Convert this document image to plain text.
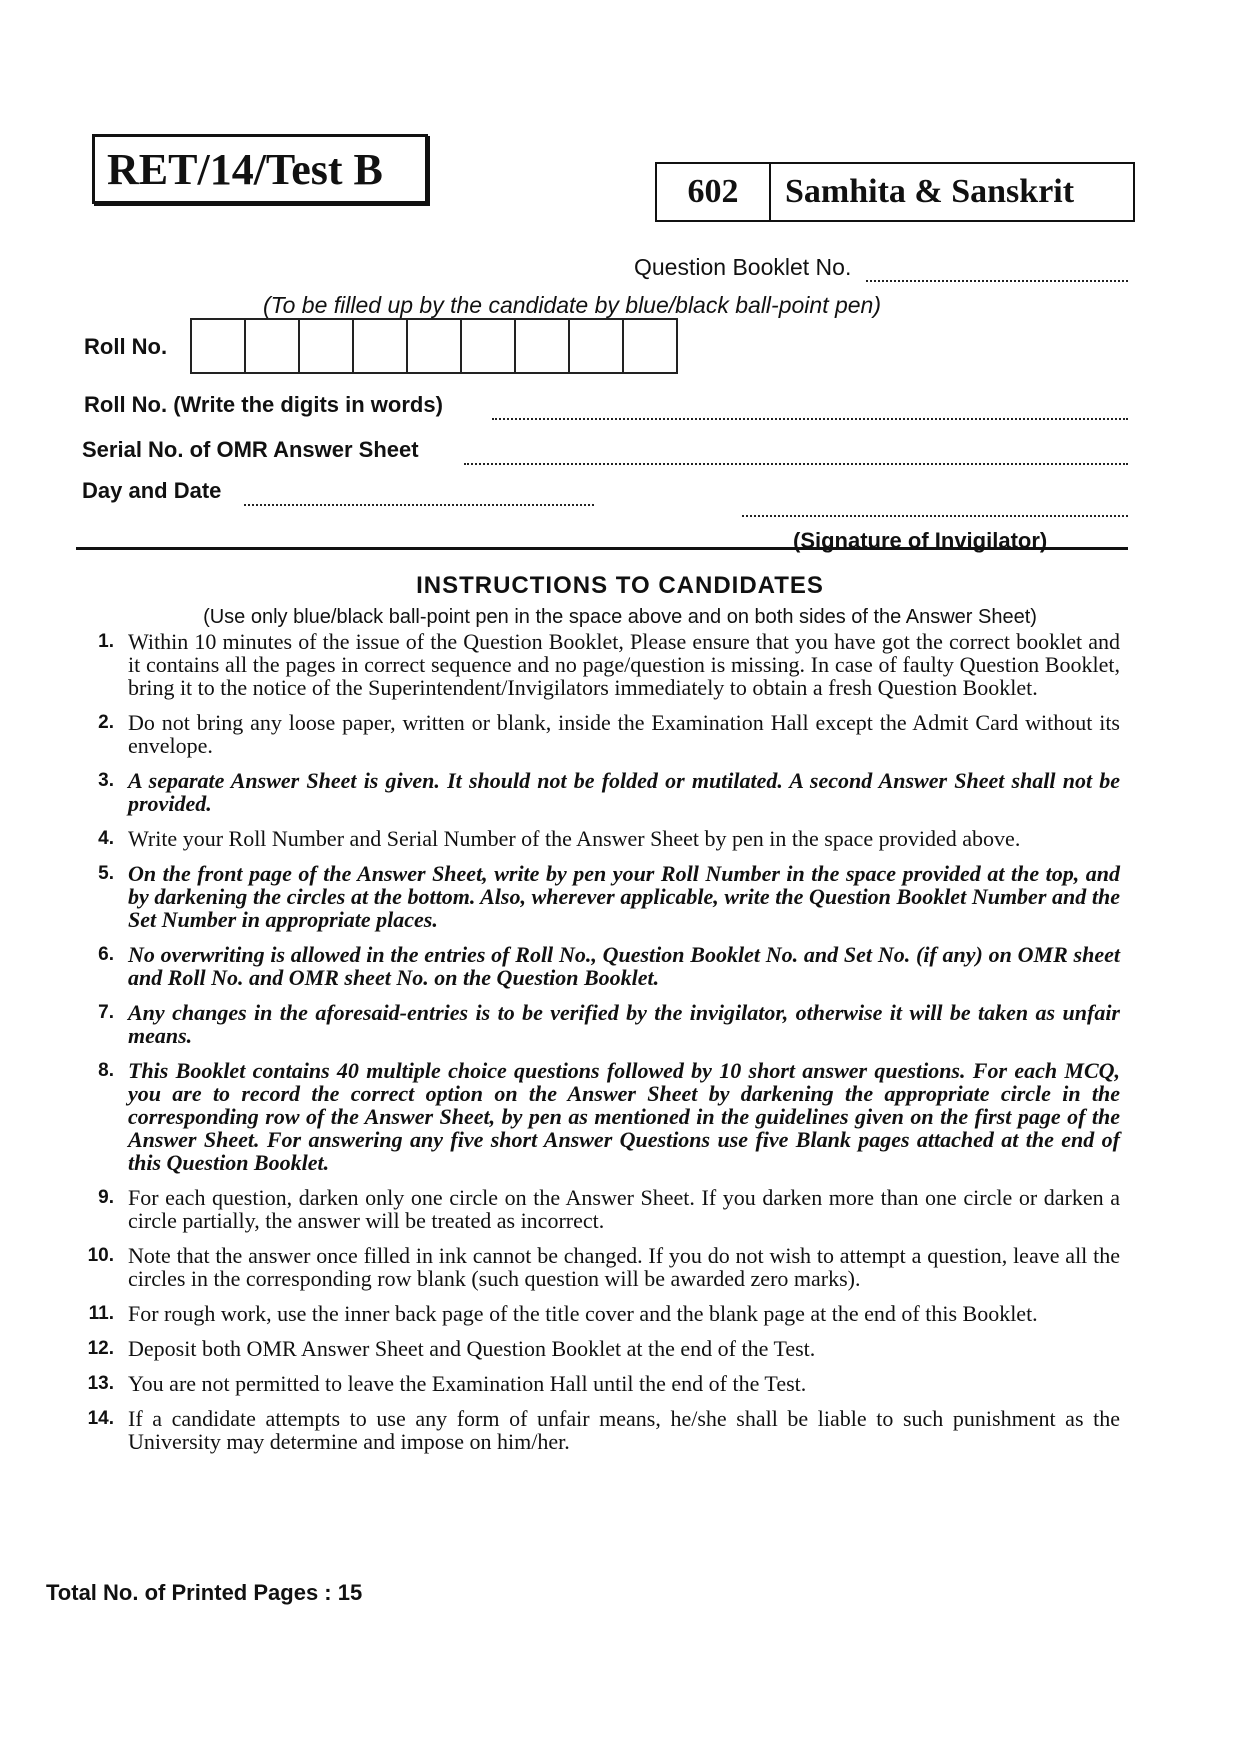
RET/14/Test B	602	Samhita & Sanskrit
Question Booklet No.
(To be filled up by the candidate by blue/black ball-point pen)
Roll No.
Roll No. (Write the digits in words)
Serial No. of OMR Answer Sheet
Day and Date
(Signature of Invigilator)
INSTRUCTIONS TO CANDIDATES
(Use only blue/black ball-point pen in the space above and on both sides of the Answer Sheet)
1. Within 10 minutes of the issue of the Question Booklet, Please ensure that you have got the correct booklet and it contains all the pages in correct sequence and no page/question is missing. In case of faulty Question Booklet, bring it to the notice of the Superintendent/Invigilators immediately to obtain a fresh Question Booklet.
2. Do not bring any loose paper, written or blank, inside the Examination Hall except the Admit Card without its envelope.
3. A separate Answer Sheet is given. It should not be folded or mutilated. A second Answer Sheet shall not be provided.
4. Write your Roll Number and Serial Number of the Answer Sheet by pen in the space provided above.
5. On the front page of the Answer Sheet, write by pen your Roll Number in the space provided at the top, and by darkening the circles at the bottom. Also, wherever applicable, write the Question Booklet Number and the Set Number in appropriate places.
6. No overwriting is allowed in the entries of Roll No., Question Booklet No. and Set No. (if any) on OMR sheet and Roll No. and OMR sheet No. on the Question Booklet.
7. Any changes in the aforesaid-entries is to be verified by the invigilator, otherwise it will be taken as unfair means.
8. This Booklet contains 40 multiple choice questions followed by 10 short answer questions. For each MCQ, you are to record the correct option on the Answer Sheet by darkening the appropriate circle in the corresponding row of the Answer Sheet, by pen as mentioned in the guidelines given on the first page of the Answer Sheet. For answering any five short Answer Questions use five Blank pages attached at the end of this Question Booklet.
9. For each question, darken only one circle on the Answer Sheet. If you darken more than one circle or darken a circle partially, the answer will be treated as incorrect.
10. Note that the answer once filled in ink cannot be changed. If you do not wish to attempt a question, leave all the circles in the corresponding row blank (such question will be awarded zero marks).
11. For rough work, use the inner back page of the title cover and the blank page at the end of this Booklet.
12. Deposit both OMR Answer Sheet and Question Booklet at the end of the Test.
13. You are not permitted to leave the Examination Hall until the end of the Test.
14. If a candidate attempts to use any form of unfair means, he/she shall be liable to such punishment as the University may determine and impose on him/her.
Total No. of Printed Pages : 15
